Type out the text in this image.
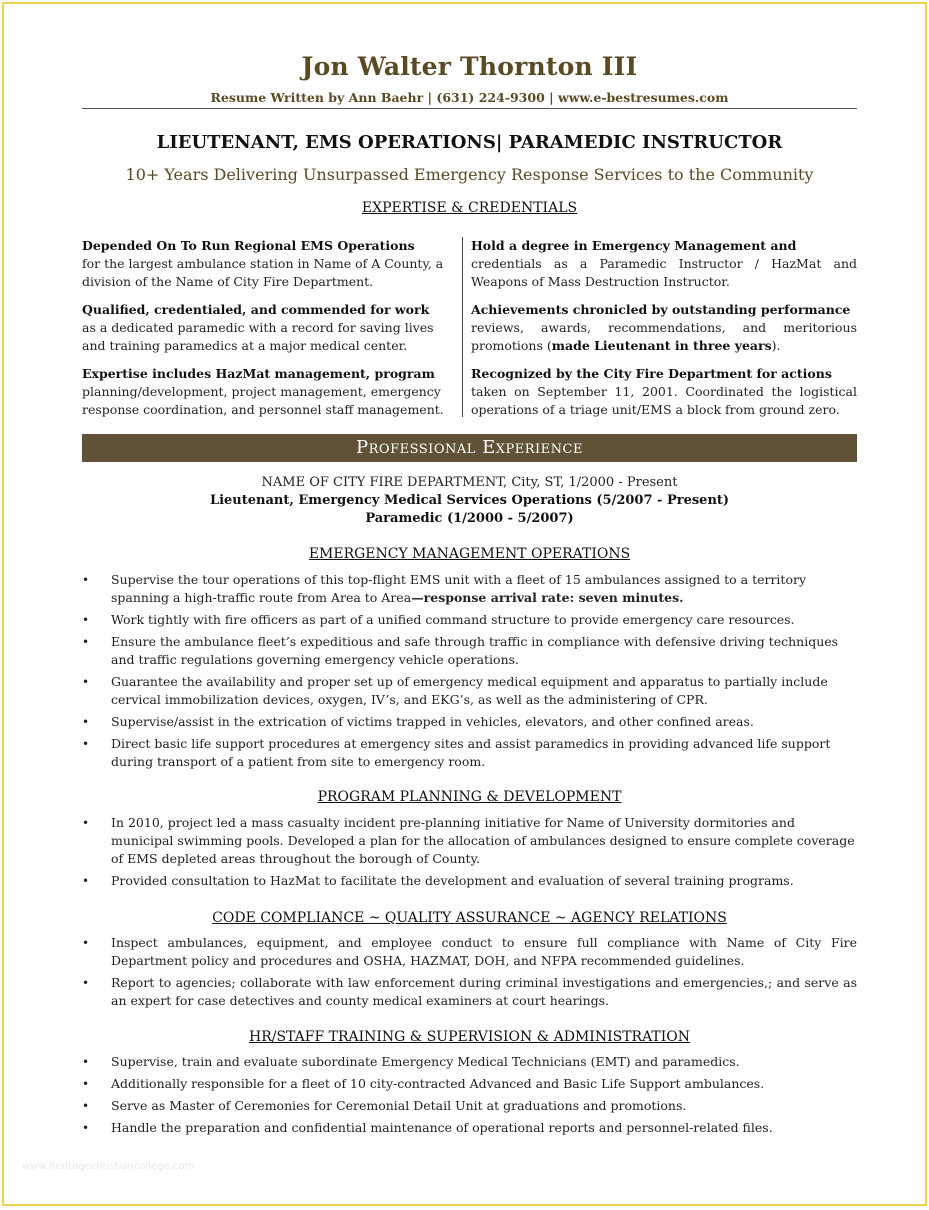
Jon Walter Thornton III
Resume Written by Ann Baehr | (631) 224-9300 | www.e-bestresumes.com
LIEUTENANT, EMS OPERATIONS| PARAMEDIC INSTRUCTOR
10+ Years Delivering Unsurpassed Emergency Response Services to the Community
EXPERTISE & CREDENTIALS

Depended On To Run Regional EMS Operations
for the largest ambulance station in Name of A County, a division of the Name of City Fire Department.

Qualified, credentialed, and commended for work
as a dedicated paramedic with a record for saving lives and training paramedics at a major medical center.

Expertise includes HazMat management, program
planning/development, project management, emergency response coordination, and personnel staff management.

Hold a degree in Emergency Management and
credentials as a Paramedic Instructor / HazMat and Weapons of Mass Destruction Instructor.

Achievements chronicled by outstanding performance
reviews, awards, recommendations, and meritorious promotions (made Lieutenant in three years).

Recognized by the City Fire Department for actions
taken on September 11, 2001. Coordinated the logistical operations of a triage unit/EMS a block from ground zero.

Professional Experience
NAME OF CITY FIRE DEPARTMENT, City, ST, 1/2000 - Present
Lieutenant, Emergency Medical Services Operations (5/2007 - Present)
Paramedic (1/2000 - 5/2007)
EMERGENCY MANAGEMENT OPERATIONS
• Supervise the tour operations of this top-flight EMS unit with a fleet of 15 ambulances assigned to a territory spanning a high-traffic route from Area to Area—response arrival rate: seven minutes.
• Work tightly with fire officers as part of a unified command structure to provide emergency care resources.
• Ensure the ambulance fleet’s expeditious and safe through traffic in compliance with defensive driving techniques and traffic regulations governing emergency vehicle operations.
• Guarantee the availability and proper set up of emergency medical equipment and apparatus to partially include cervical immobilization devices, oxygen, IV’s, and EKG’s, as well as the administering of CPR.
• Supervise/assist in the extrication of victims trapped in vehicles, elevators, and other confined areas.
• Direct basic life support procedures at emergency sites and assist paramedics in providing advanced life support during transport of a patient from site to emergency room.
PROGRAM PLANNING & DEVELOPMENT
• In 2010, project led a mass casualty incident pre-planning initiative for Name of University dormitories and municipal swimming pools. Developed a plan for the allocation of ambulances designed to ensure complete coverage of EMS depleted areas throughout the borough of County.
• Provided consultation to HazMat to facilitate the development and evaluation of several training programs.
CODE COMPLIANCE ~ QUALITY ASSURANCE ~ AGENCY RELATIONS
• Inspect ambulances, equipment, and employee conduct to ensure full compliance with Name of City Fire Department policy and procedures and OSHA, HAZMAT, DOH, and NFPA recommended guidelines.
• Report to agencies; collaborate with law enforcement during criminal investigations and emergencies,; and serve as an expert for case detectives and county medical examiners at court hearings.
HR/STAFF TRAINING & SUPERVISION & ADMINISTRATION
• Supervise, train and evaluate subordinate Emergency Medical Technicians (EMT) and paramedics.
• Additionally responsible for a fleet of 10 city-contracted Advanced and Basic Life Support ambulances.
• Serve as Master of Ceremonies for Ceremonial Detail Unit at graduations and promotions.
• Handle the preparation and confidential maintenance of operational reports and personnel-related files.
www.heritagechristiancollege.com
